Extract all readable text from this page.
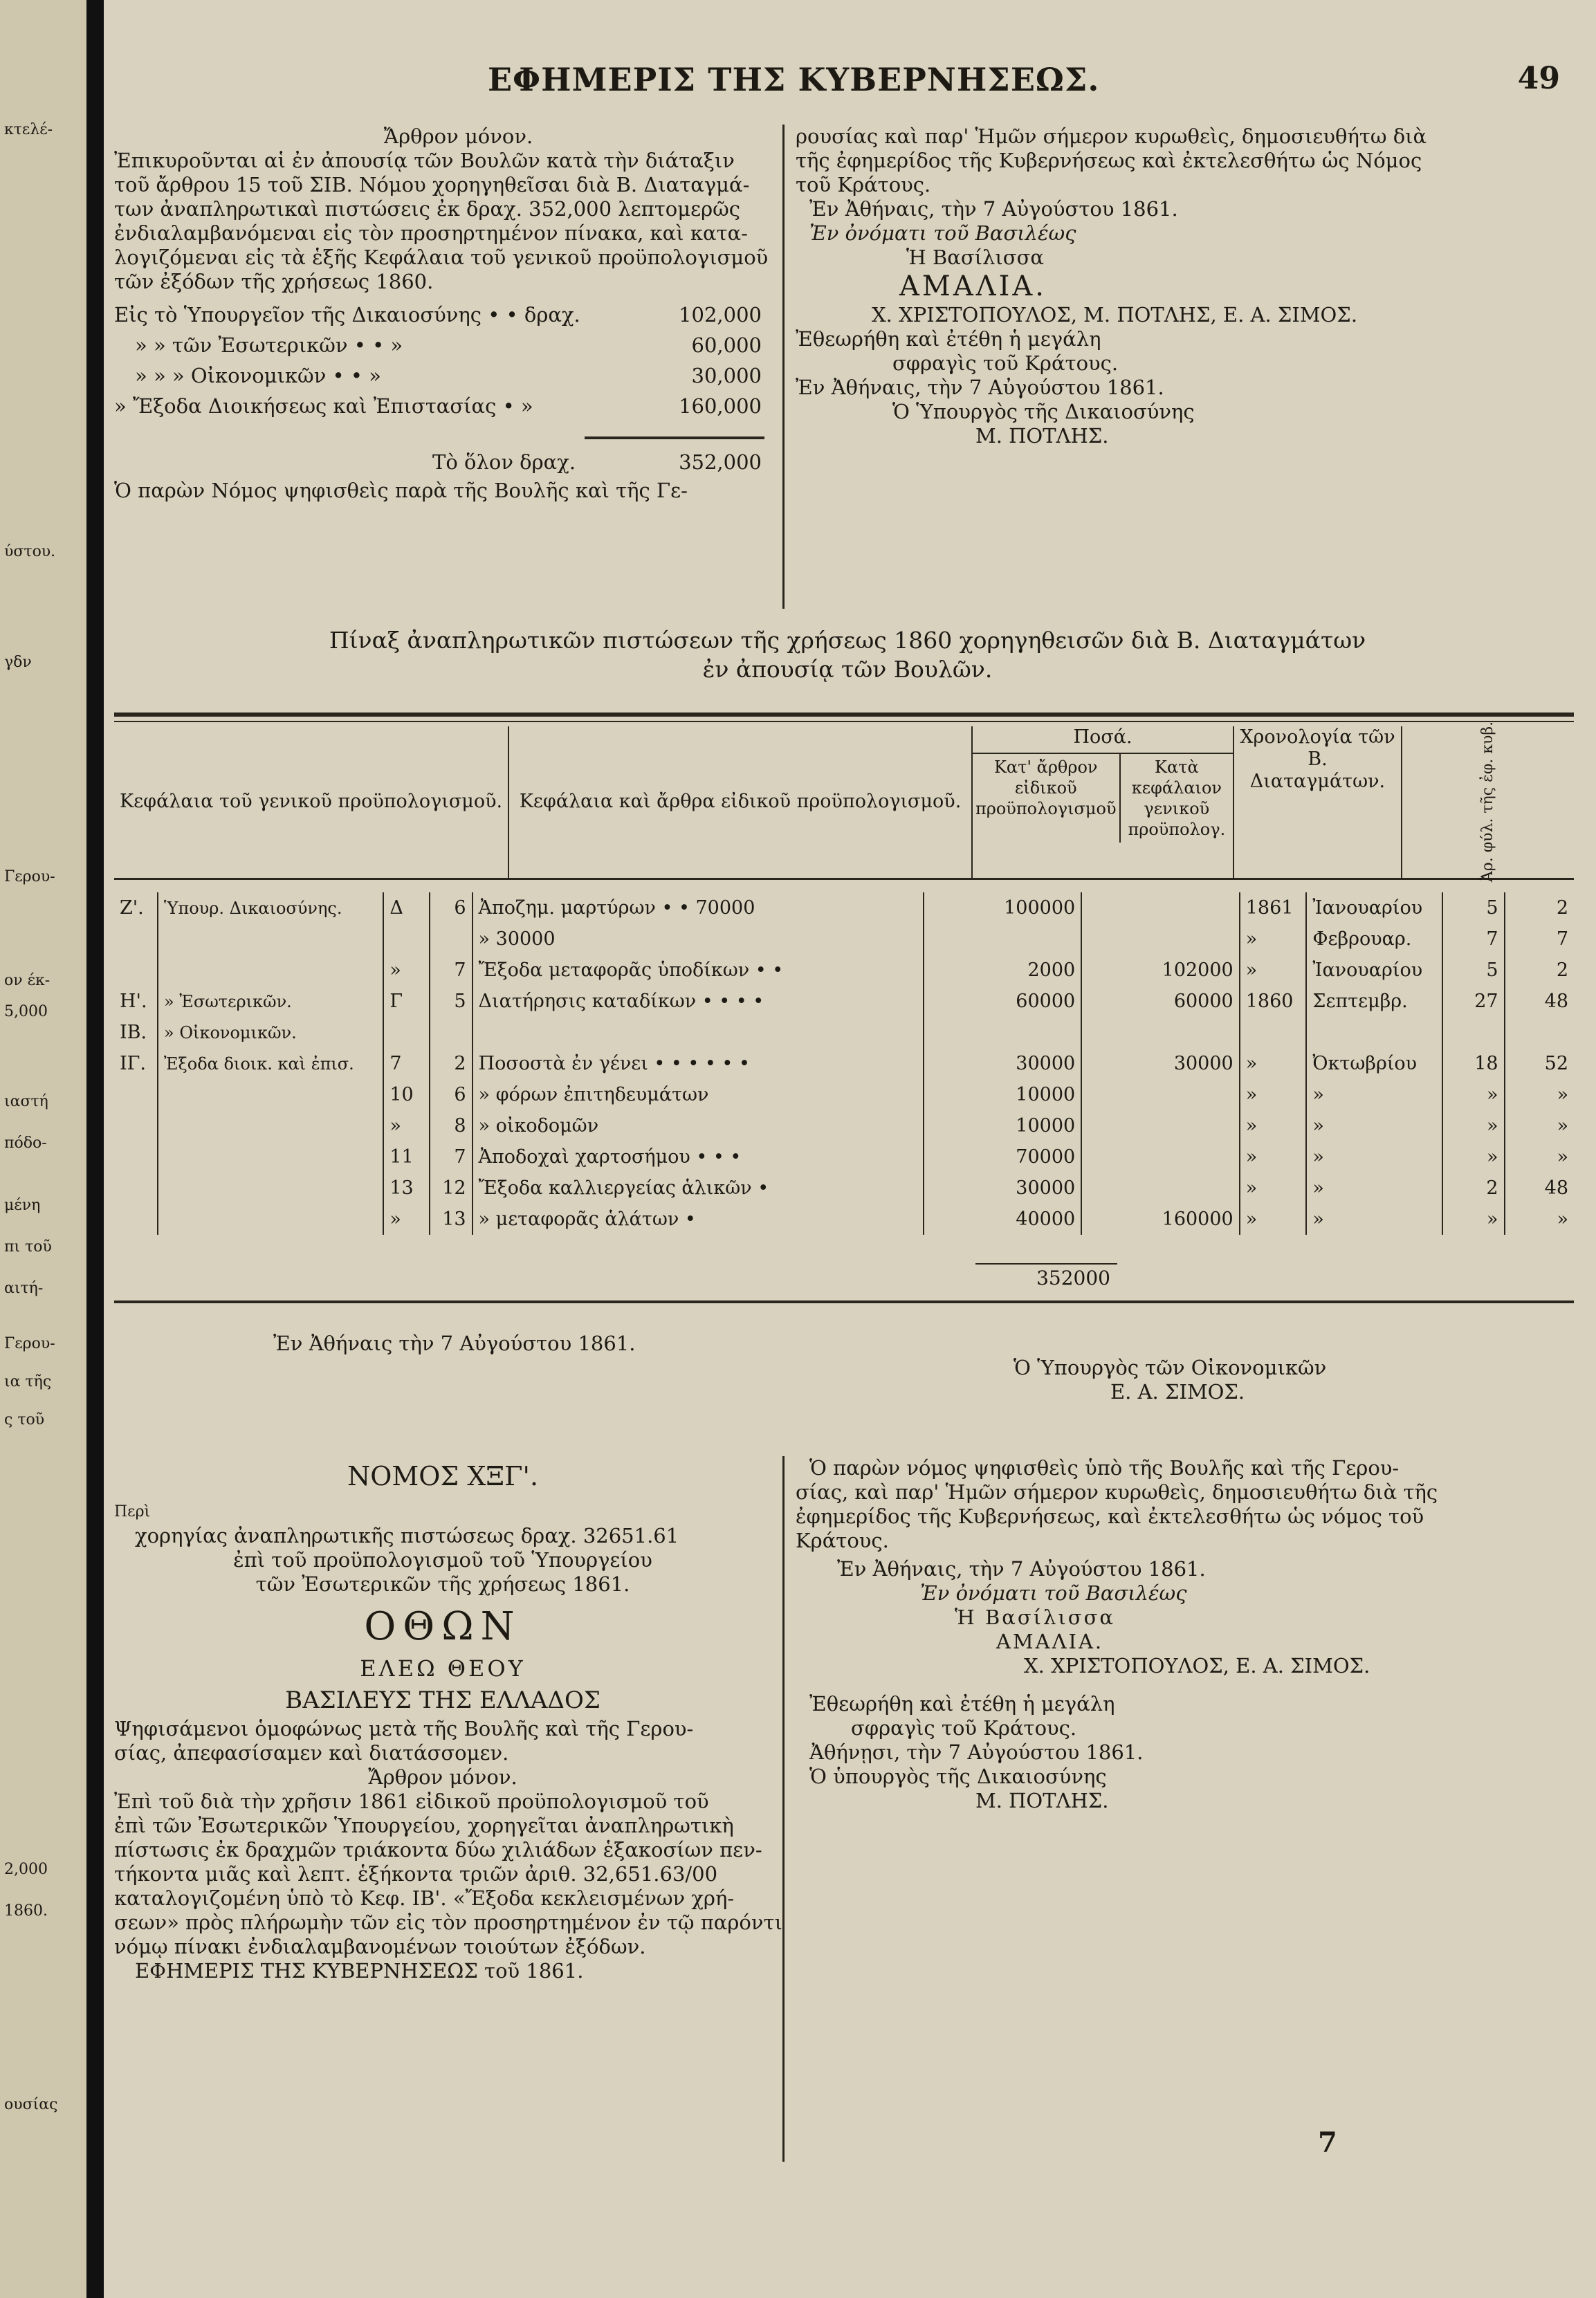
κτελέ-
ύστου.
γδν
Γερου-
ον έκ-
5,000
ιαστή
πόδο-
μένη
πι τοῦ
αιτή-
Γερου-
ια τῆς
ς τοῦ
2,000
1860.
ουσίας
ΕΦΗΜΕΡΙΣ ΤΗΣ ΚΥΒΕΡΝΗΣΕΩΣ.	49

Ἄρθρον μόνον.

Ἐπικυροῦνται αἱ ἐν ἀπουσίᾳ τῶν Βουλῶν κατὰ τὴν διάταξιν

τοῦ ἄρθρου 15 τοῦ ΣΙΒ. Νόμου χορηγηθεῖσαι διὰ Β. Διαταγμά-

των ἀναπληρωτικαὶ πιστώσεις ἐκ δραχ. 352,000 λεπτομερῶς

ἐνδιαλαμβανόμεναι εἰς τὸν προσηρτημένον πίνακα, καὶ κατα-

λογιζόμεναι εἰς τὰ ἑξῆς Κεφάλαια τοῦ γενικοῦ προϋπολογισμοῦ

τῶν ἐξόδων τῆς χρήσεως 1860.

Εἰς τὸ Ὑπουργεῖον τῆς Δικαιοσύνης • • δραχ.	102,000
» » τῶν Ἐσωτερικῶν • • »	60,000
» » » Οἰκονομικῶν • • »	30,000
» Ἔξοδα Διοικήσεως καὶ Ἐπιστασίας • »	160,000
Τὸ ὅλον δραχ.	352,000

Ὁ παρὼν Νόμος ψηφισθεὶς παρὰ τῆς Βουλῆς καὶ τῆς Γε-

ρουσίας καὶ παρ' Ἡμῶν σήμερον κυρωθεὶς, δημοσιευθήτω διὰ

τῆς ἐφημερίδος τῆς Κυβερνήσεως καὶ ἐκτελεσθήτω ὡς Νόμος

τοῦ Κράτους.

Ἐν Ἀθήναις, τὴν 7 Αὐγούστου 1861.

Ἐν ὀνόματι τοῦ Βασιλέως

Ἡ Βασίλισσα

ΑΜΑΛΙΑ.

Χ. ΧΡΙΣΤΟΠΟΥΛΟΣ, Μ. ΠΟΤΛΗΣ, Ε. Α. ΣΙΜΟΣ.

Ἐθεωρήθη καὶ ἐτέθη ἡ μεγάλη

σφραγὶς τοῦ Κράτους.

Ἐν Ἀθήναις, τὴν 7 Αὐγούστου 1861.

Ὁ Ὑπουργὸς τῆς Δικαιοσύνης

Μ. ΠΟΤΛΗΣ.

Πίναξ ἀναπληρωτικῶν πιστώσεων τῆς χρήσεως 1860 χορηγηθεισῶν διὰ Β. Διαταγμάτων

ἐν ἀπουσίᾳ τῶν Βουλῶν.

Κεφάλαια τοῦ γενικοῦ προϋπολογισμοῦ.	Κεφάλαια καὶ ἄρθρα εἰδικοῦ προϋπολογισμοῦ.	
Ποσά.
Κατ' ἄρθρον εἰδικοῦ προϋπολογισμοῦ
Κατὰ κεφάλαιον γενικοῦ προϋπολογ.
	Χρονολογία τῶν Β. Διαταγμάτων.	Ἀρ. φύλ. τῆς ἐφ. κυβ.
Ζ'.	Ὑπουρ. Δικαιοσύνης.	Δ	6	Ἀποζημ. μαρτύρων • • 70000	100000		1861	Ἰανουαρίου	5	2
				» 30000			»	Φεβρουαρ.	7	7
		»	7	Ἔξοδα μεταφορᾶς ὑποδίκων • •	2000	102000	»	Ἰανουαρίου	5	2
Η'.	» Ἐσωτερικῶν.	Γ	5	Διατήρησις καταδίκων • • • •	60000	60000	1860	Σεπτεμβρ.	27	48
ΙΒ.	» Οἰκονομικῶν.									
ΙΓ.	Ἐξοδα διοικ. καὶ ἐπισ.	7	2	Ποσοστὰ ἐν γένει • • • • • •	30000	30000	»	Ὀκτωβρίου	18	52
		10	6	» φόρων ἐπιτηδευμάτων	10000		»	»	»	»
		»	8	» οἰκοδομῶν	10000		»	»	»	»
		11	7	Ἀποδοχαὶ χαρτοσήμου • • •	70000		»	»	»	»
		13	12	Ἔξοδα καλλιεργείας ἁλικῶν •	30000		»	»	2	48
		»	13	» μεταφορᾶς ἁλάτων •	40000	160000	»	»	»	»

352000

Ἐν Ἀθήναις τὴν 7 Αὐγούστου 1861.

Ὁ Ὑπουργὸς τῶν Οἰκονομικῶν

Ε. Α. ΣΙΜΟΣ.

ΝΟΜΟΣ ΧΞΓ'.

Περὶ

χορηγίας ἀναπληρωτικῆς πιστώσεως δραχ. 32651.61

ἐπὶ τοῦ προϋπολογισμοῦ τοῦ Ὑπουργείου

τῶν Ἐσωτερικῶν τῆς χρήσεως 1861.

ΟΘΩΝ

ΕΛΕΩ ΘΕΟΥ

ΒΑΣΙΛΕΥΣ ΤΗΣ ΕΛΛΑΔΟΣ

Ψηφισάμενοι ὁμοφώνως μετὰ τῆς Βουλῆς καὶ τῆς Γερου-

σίας, ἀπεφασίσαμεν καὶ διατάσσομεν.

Ἄρθρον μόνον.

Ἐπὶ τοῦ διὰ τὴν χρῆσιν 1861 εἰδικοῦ προϋπολογισμοῦ τοῦ

ἐπὶ τῶν Ἐσωτερικῶν Ὑπουργείου, χορηγεῖται ἀναπληρωτικὴ

πίστωσις ἐκ δραχμῶν τριάκοντα δύω χιλιάδων ἑξακοσίων πεν-

τήκοντα μιᾶς καὶ λεπτ. ἑξήκοντα τριῶν ἀριθ. 32,651.63/00

καταλογιζομένη ὑπὸ τὸ Κεφ. ΙΒ'. «Ἔξοδα κεκλεισμένων χρή-

σεων» πρὸς πλήρωμὴν τῶν εἰς τὸν προσηρτημένον ἐν τῷ παρόντι

νόμῳ πίνακι ἐνδιαλαμβανομένων τοιούτων ἐξόδων.

ΕΦΗΜΕΡΙΣ ΤΗΣ ΚΥΒΕΡΝΗΣΕΩΣ τοῦ 1861.

Ὁ παρὼν νόμος ψηφισθεὶς ὑπὸ τῆς Βουλῆς καὶ τῆς Γερου-

σίας, καὶ παρ' Ἡμῶν σήμερον κυρωθεὶς, δημοσιευθήτω διὰ τῆς

ἐφημερίδος τῆς Κυβερνήσεως, καὶ ἐκτελεσθήτω ὡς νόμος τοῦ

Κράτους.

Ἐν Ἀθήναις, τὴν 7 Αὐγούστου 1861.

Ἐν ὀνόματι τοῦ Βασιλέως

Ἡ Βασίλισσα

ΑΜΑΛΙΑ.

Χ. ΧΡΙΣΤΟΠΟΥΛΟΣ, Ε. Α. ΣΙΜΟΣ.

Ἐθεωρήθη καὶ ἐτέθη ἡ μεγάλη

σφραγὶς τοῦ Κράτους.

Ἀθήνῃσι, τὴν 7 Αὐγούστου 1861.

Ὁ ὑπουργὸς τῆς Δικαιοσύνης

Μ. ΠΟΤΛΗΣ.

7
